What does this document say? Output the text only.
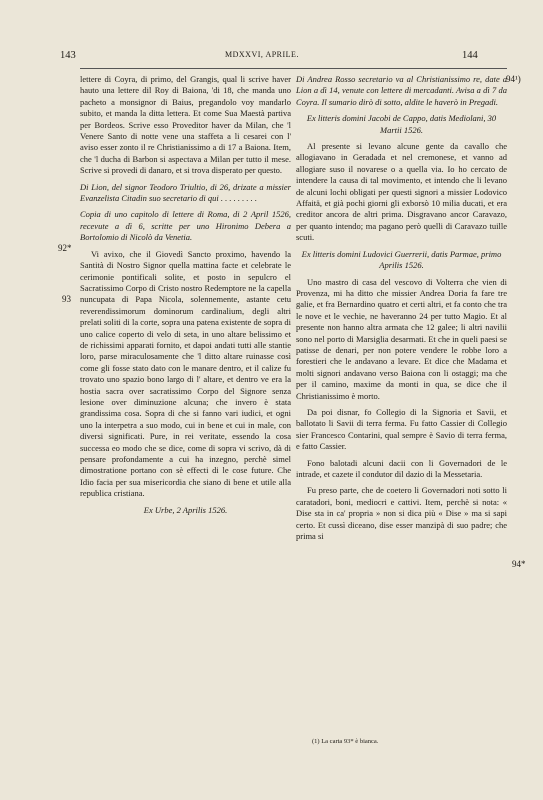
143	MDXXVI, APRILE.	144
92*
93
94¹)
94*

lettere di Coyra, di primo, del Grangis, qual li scrive haver hauto una lettere dil Roy di Baiona, 'di 18, che manda uno pacheto a monsignor di Baius, pregandolo voy mandarlo subito, et manda la ditta lettera. Et come Sua Maestà partiva per Bordeos. Scrive esso Proveditor haver da Milan, che 'l Venere Santo di notte vene una staffeta a li cesarei con l' aviso esser zonto il re Christianissimo a di 17 a Baiona. Item, che 'l ducha di Barbon si aspectava a Milan per tutto il mese. Scrive si provedi di danaro, et si trova disperato per questo.

Di Lion, del signor Teodoro Triultio, di 26, drizate a missier Evanzelista Citadin suo secretario di qui . . . . . . . . .

Copia di uno capitolo di lettere di Roma, di 2 April 1526, recevute a dì 6, scritte per uno Hironimo Debera a Bortolomio di Nicolò da Venetia.

Vi avixo, che il Giovedì Sancto proximo, havendo la Santità di Nostro Signor quella mattina facte et celebrate le cerimonie pontificali solite, et posto in sepulcro el Sacratissimo Corpo di Cristo nostro Redemptore ne la capella nuncupata di Papa Nicola, solennemente, astante cetu reverendissimorum dominorum cardinalium, degli altri prelati soliti di la corte, sopra una patena existente de sopra di uno calice coperto di velo di seta, in uno altare belissimo et de richissimi apparati fornito, et dapoi andati tutti alle stantie loro, parse miraculosamente che 'l ditto altare ruinasse così come gli fosse stato dato con le manare dentro, et il calize fu trovato uno spazio bono largo di l' altare, et dentro ve era la hostia sacra over sacratissimo Corpo del Signore senza lesione over diminuzione alcuna; che invero è stata grandissima cosa. Sopra di che si fanno vari iudici, et ogni uno la interpetra a suo modo, cui in bene et cui in male, con diversi significati. Pure, in rei veritate, essendo la cosa successa eo modo che se dice, come di sopra vi scrivo, dà di pensare profondamente a cui ha inzegno, perchè simel dimostratione portano con sè effecti di le cose future. Che Idio facia per sua misericordia che siano di bene et utile alla republica cristiana.

Ex Urbe, 2 Aprilis 1526.

Di Andrea Rosso secretario va al Christianissimo re, date a Lion a dì 14, venute con lettere di mercadanti. Avisa a dì 7 da Coyra. Il sumario dirò di sotto, aldite le haverò in Pregadi.

Ex litteris domini Jacobi de Cappo, datis Mediolani, 30 Martii 1526.

Al presente si levano alcune gente da cavallo che allogiavano in Geradada et nel cremonese, et vanno ad allogiare suso il novarese o a quella via. Io ho cercato de intendere la causa di tal movimento, et intendo che li levano de alcuni lochi obligati per questi signori a missier Lodovico Affaitä, et già pochi giorni gli exborsò 10 milia ducati, et era creditor ancora de altri prima. Disgravano ancor Caravazo, per quanto intendo; ma pagano però quelli di Caravazo tuille scuti.

Ex litteris domini Ludovici Guerrerii, datis Parmae, primo Aprilis 1526.

Uno mastro di casa del vescovo di Volterra che vien di Provenza, mi ha ditto che missier Andrea Doria fa fare tre galie, et fra Bernardino quatro et certi altri, et fa conto che tra le nove et le vechie, ne haveranno 24 per tutto Magio. Et al presente non hanno altra armata che 12 galee; li altri navilii sono nel porto di Marsiglia desarmati. Et che in queli paesi se patisse de denari, per non potere vendere le robbe loro a forestieri che le andavano a levare. Et dice che Madama et molti signori andavano verso Baiona con li ostaggi; ma che per il camino, maxime da monti in qua, se dice che il Christianissimo è morto.

Da poi disnar, fo Collegio di la Signoria et Savii, et ballotato li Savii di terra ferma. Fu fatto Cassier di Collegio sier Francesco Contarini, qual sempre è Savio di terra ferma, e fatto Cassier.

Fono balotadi alcuni dacii con li Governadori de le intrade, et cazete il condutor dil dazio di la Messetaria.

Fu preso parte, che de coetero li Governadori noti sotto li caratadori, boni, mediocri e cattivi. Item, perchè si nota: « Dise sta in ca' propria » non si dica più « Dise » ma si sapi certo. Et cussì diceano, dise esser manzipà di suo padre; che prima si

(1) La carta 93* è bianca.
